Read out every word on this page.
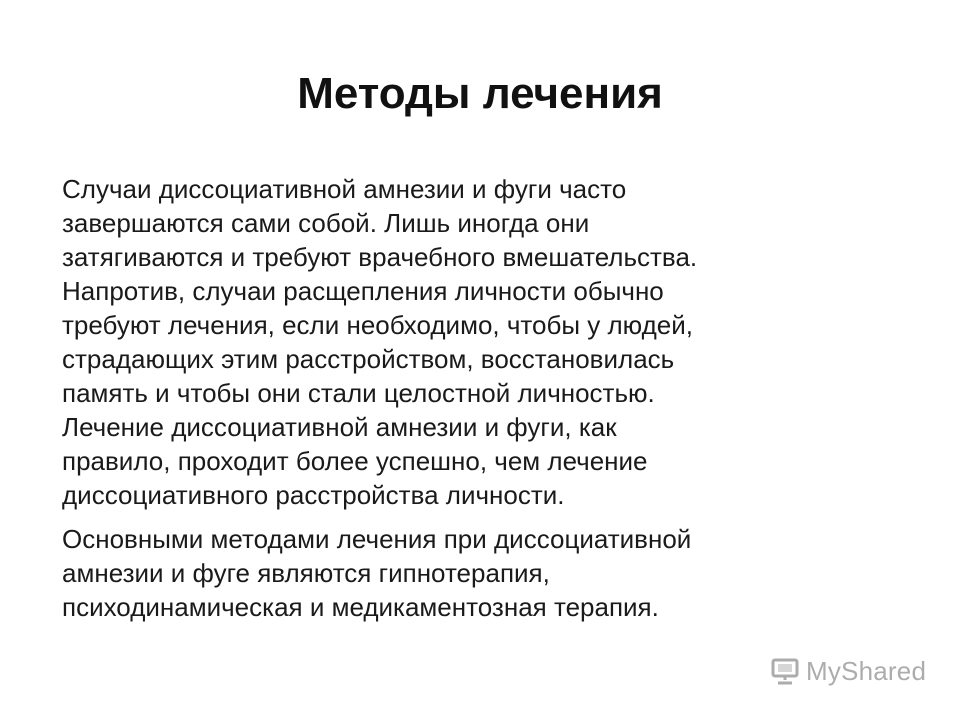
Методы лечения

Случаи диссоциативной амнезии и фуги часто
завершаются сами собой. Лишь иногда они
затягиваются и требуют врачебного вмешательства.
Напротив, случаи расщепления личности обычно
требуют лечения, если необходимо, чтобы у людей,
страдающих этим расстройством, восстановилась
память и чтобы они стали целостной личностью.
Лечение диссоциативной амнезии и фуги, как
правило, проходит более успешно, чем лечение
диссоциативного расстройства личности.

Основными методами лечения при диссоциативной
амнезии и фуге являются гипнотерапия,
психодинамическая и медикаментозная терапия.

MyShared
